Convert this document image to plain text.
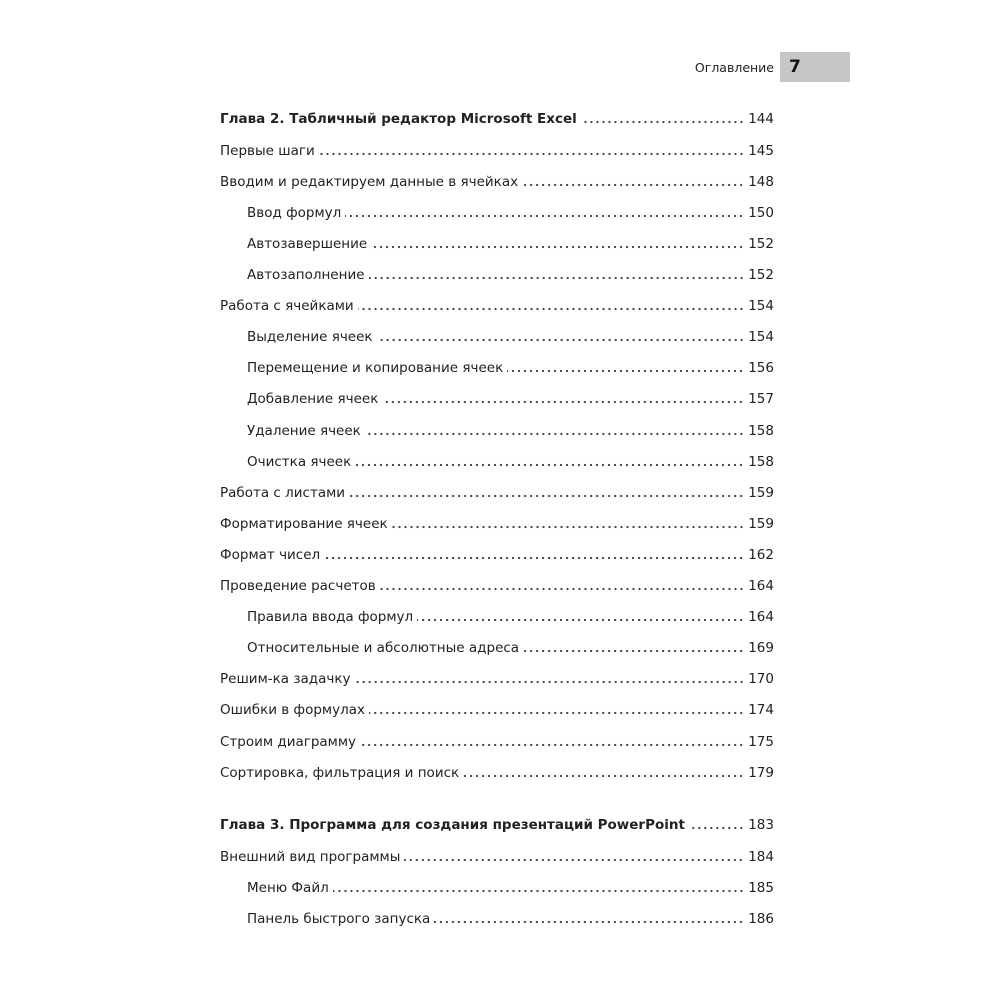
Оглавление 7
Глава 2. Табличный редактор Microsoft Excel	144
Первые шаги	145
Вводим и редактируем данные в ячейках	148
Ввод формул	150
Автозавершение	152
Автозаполнение	152
Работа с ячейками	154
Выделение ячеек	154
Перемещение и копирование ячеек	156
Добавление ячеек	157
Удаление ячеек	158
Очистка ячеек	158
Работа с листами	159
Форматирование ячеек	159
Формат чисел	162
Проведение расчетов	164
Правила ввода формул	164
Относительные и абсолютные адреса	169
Решим-ка задачку	170
Ошибки в формулах	174
Строим диаграмму	175
Сортировка, фильтрация и поиск	179
Глава 3. Программа для создания презентаций PowerPoint	183
Внешний вид программы	184
Меню Файл	185
Панель быстрого запуска	186
